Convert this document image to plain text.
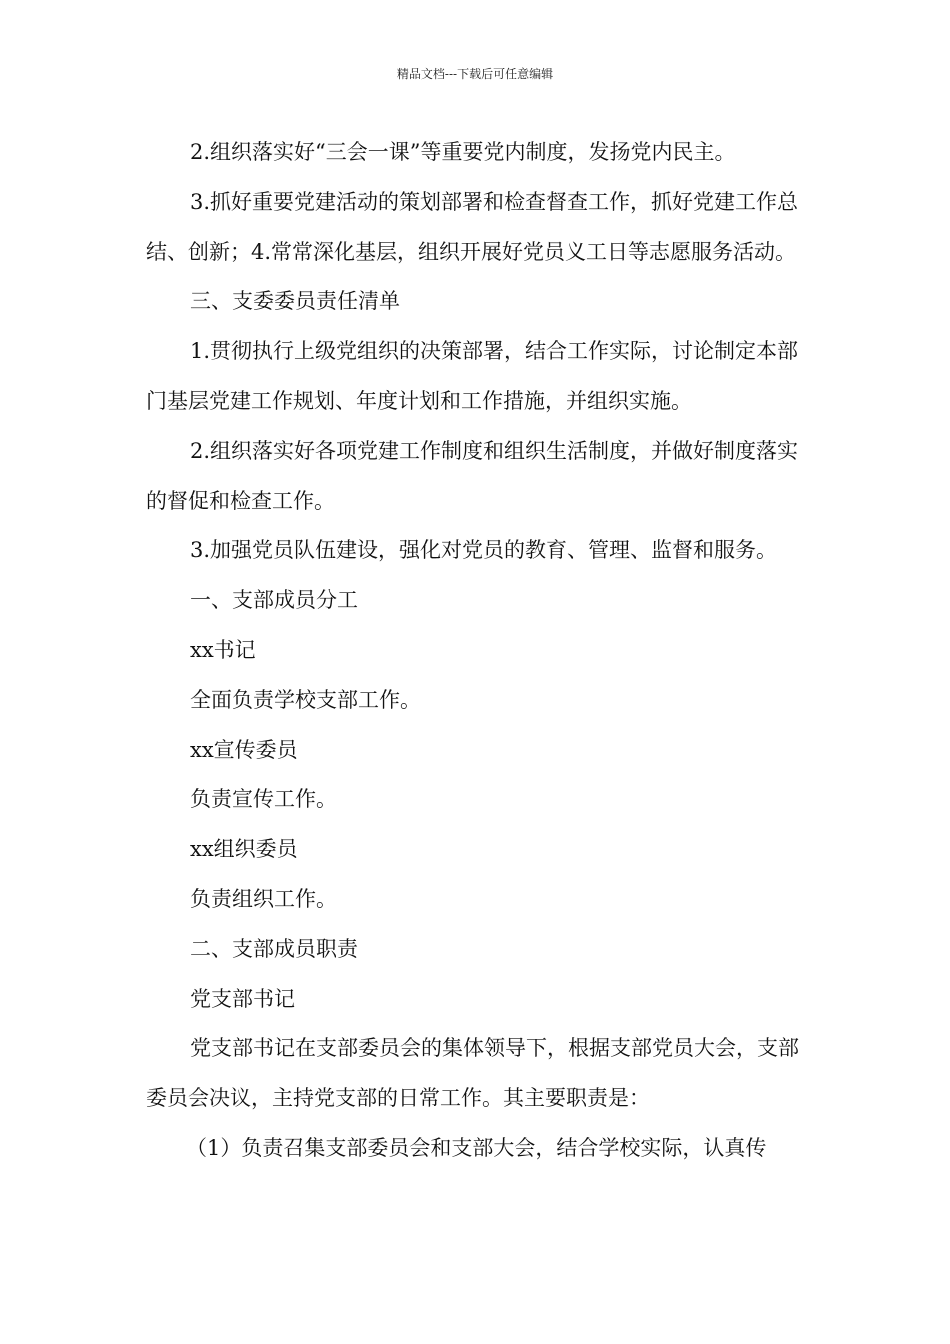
精品文档---下载后可任意编辑

2.组织落实好“三会一课”等重要党内制度，发扬党内民主。

3.抓好重要党建活动的策划部署和检查督查工作，抓好党建工作总结、创新；4.常常深化基层，组织开展好党员义工日等志愿服务活动。

三、支委委员责任清单

1.贯彻执行上级党组织的决策部署，结合工作实际，讨论制定本部门基层党建工作规划、年度计划和工作措施，并组织实施。

2.组织落实好各项党建工作制度和组织生活制度，并做好制度落实的督促和检查工作。

3.加强党员队伍建设，强化对党员的教育、管理、监督和服务。

一、支部成员分工

xx书记

全面负责学校支部工作。

xx宣传委员

负责宣传工作。

xx组织委员

负责组织工作。

二、支部成员职责

党支部书记

党支部书记在支部委员会的集体领导下，根据支部党员大会，支部委员会决议，主持党支部的日常工作。其主要职责是：

（1）负责召集支部委员会和支部大会，结合学校实际，认真传
